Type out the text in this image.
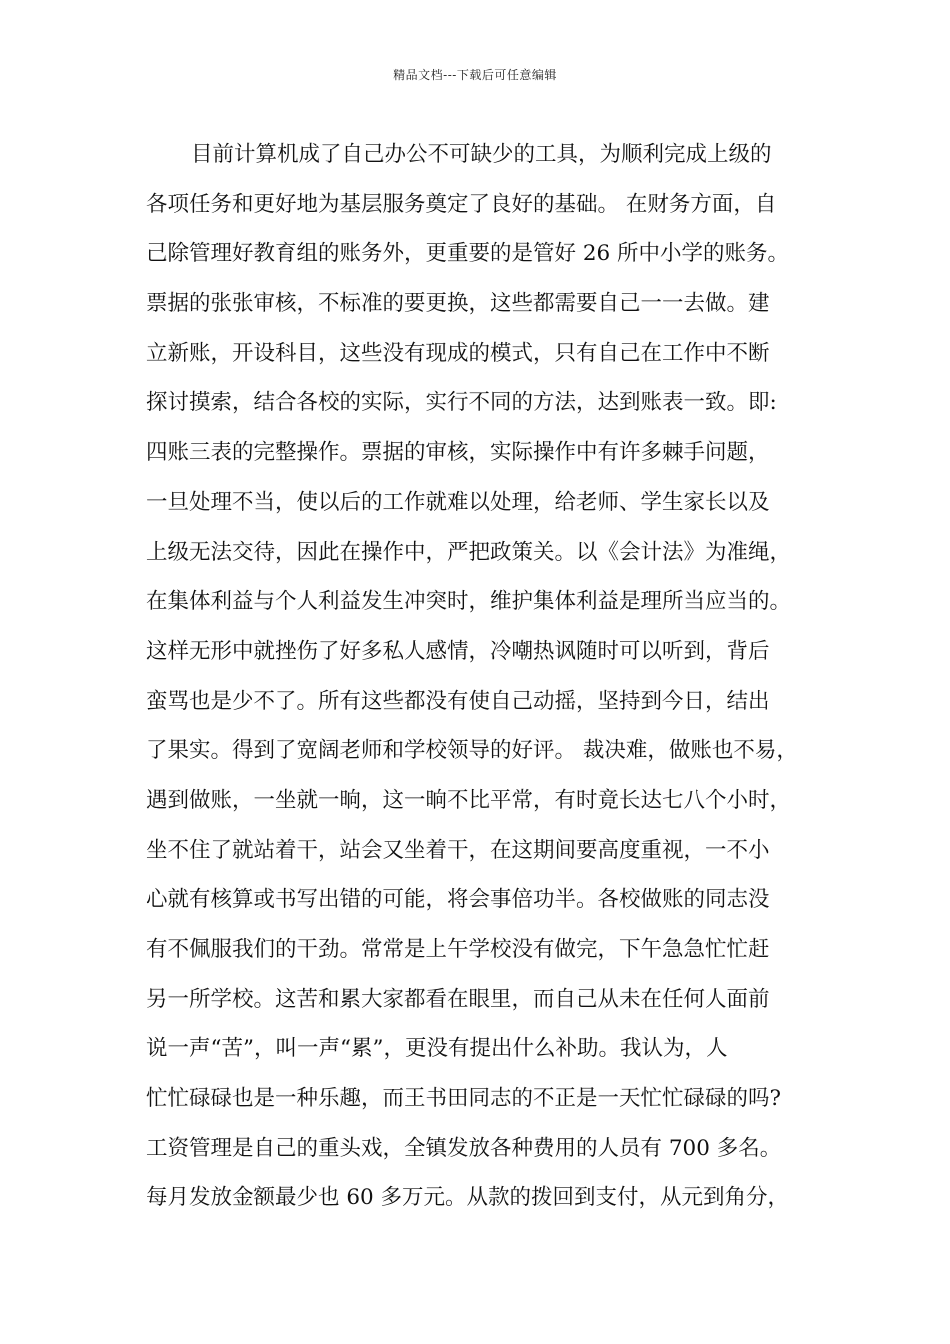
精品文档---下载后可任意编辑
目前计算机成了自己办公不可缺少的工具，为顺利完成上级的
各项任务和更好地为基层服务奠定了良好的基础。 在财务方面，自
己除管理好教育组的账务外，更重要的是管好 26 所中小学的账务。
票据的张张审核，不标准的要更换，这些都需要自己一一去做。建
立新账，开设科目，这些没有现成的模式，只有自己在工作中不断
探讨摸索，结合各校的实际，实行不同的方法，达到账表一致。即:
四账三表的完整操作。票据的审核，实际操作中有许多棘手问题，
一旦处理不当，使以后的工作就难以处理，给老师、学生家长以及
上级无法交待，因此在操作中，严把政策关。以《会计法》为准绳，
在集体利益与个人利益发生冲突时，维护集体利益是理所当应当的。
这样无形中就挫伤了好多私人感情，冷嘲热讽随时可以听到，背后
蛮骂也是少不了。所有这些都没有使自己动摇，坚持到今日，结出
了果实。得到了宽阔老师和学校领导的好评。 裁决难，做账也不易，
遇到做账，一坐就一晌，这一晌不比平常，有时竟长达七八个小时，
坐不住了就站着干，站会又坐着干，在这期间要高度重视，一不小
心就有核算或书写出错的可能，将会事倍功半。各校做账的同志没
有不佩服我们的干劲。常常是上午学校没有做完，下午急急忙忙赶
另一所学校。这苦和累大家都看在眼里，而自己从未在任何人面前
说一声“苦”，叫一声“累”，更没有提出什么补助。我认为，人
忙忙碌碌也是一种乐趣，而王书田同志的不正是一天忙忙碌碌的吗?
工资管理是自己的重头戏，全镇发放各种费用的人员有 700 多名。
每月发放金额最少也 60 多万元。从款的拨回到支付，从元到角分，
